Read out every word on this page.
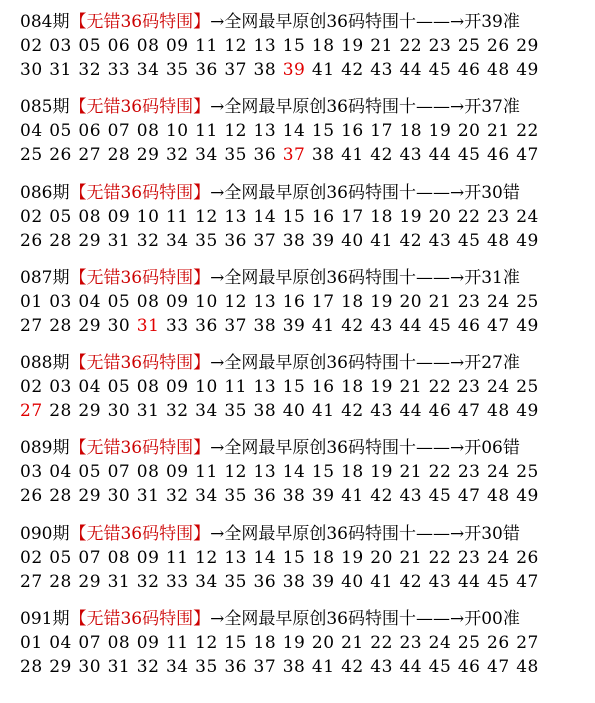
084期【无错36码特围】→全网最早原创36码特围十——→开39准
02 03 05 06 08 09 11 12 13 15 18 19 21 22 23 25 26 29
30 31 32 33 34 35 36 37 38 39 41 42 43 44 45 46 48 49
085期【无错36码特围】→全网最早原创36码特围十——→开37准
04 05 06 07 08 10 11 12 13 14 15 16 17 18 19 20 21 22
25 26 27 28 29 32 34 35 36 37 38 41 42 43 44 45 46 47
086期【无错36码特围】→全网最早原创36码特围十——→开30错
02 05 08 09 10 11 12 13 14 15 16 17 18 19 20 22 23 24
26 28 29 31 32 34 35 36 37 38 39 40 41 42 43 45 48 49
087期【无错36码特围】→全网最早原创36码特围十——→开31准
01 03 04 05 08 09 10 12 13 16 17 18 19 20 21 23 24 25
27 28 29 30 31 33 36 37 38 39 41 42 43 44 45 46 47 49
088期【无错36码特围】→全网最早原创36码特围十——→开27准
02 03 04 05 08 09 10 11 13 15 16 18 19 21 22 23 24 25
27 28 29 30 31 32 34 35 38 40 41 42 43 44 46 47 48 49
089期【无错36码特围】→全网最早原创36码特围十——→开06错
03 04 05 07 08 09 11 12 13 14 15 18 19 21 22 23 24 25
26 28 29 30 31 32 34 35 36 38 39 41 42 43 45 47 48 49
090期【无错36码特围】→全网最早原创36码特围十——→开30错
02 05 07 08 09 11 12 13 14 15 18 19 20 21 22 23 24 26
27 28 29 31 32 33 34 35 36 38 39 40 41 42 43 44 45 47
091期【无错36码特围】→全网最早原创36码特围十——→开00准
01 04 07 08 09 11 12 15 18 19 20 21 22 23 24 25 26 27
28 29 30 31 32 34 35 36 37 38 41 42 43 44 45 46 47 48
